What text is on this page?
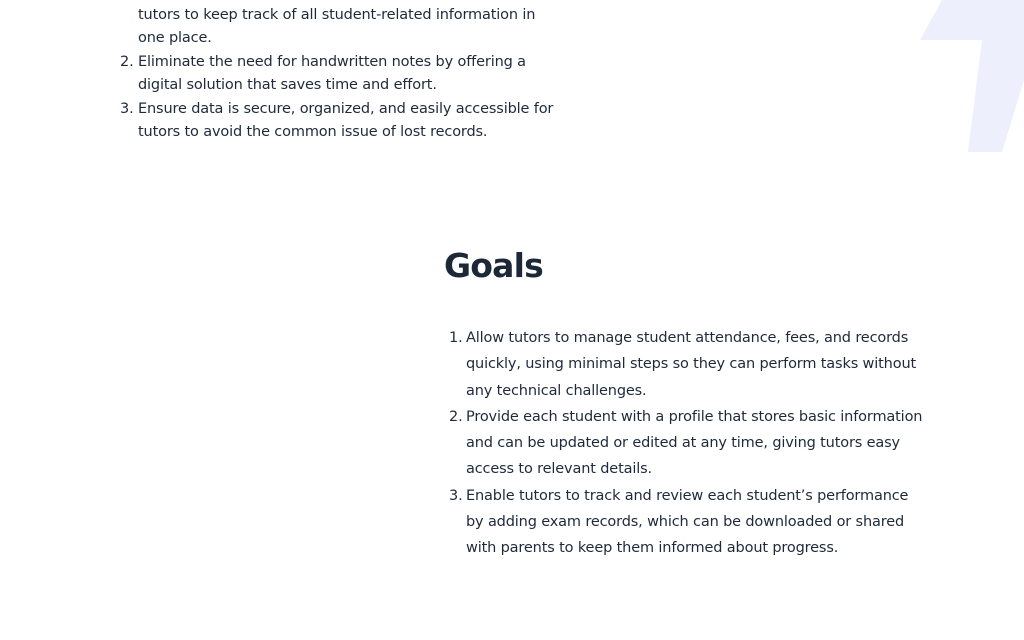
tutors to keep track of all student-related information in one place.
2. Eliminate the need for handwritten notes by offering a digital solution that saves time and effort.
3. Ensure data is secure, organized, and easily accessible for tutors to avoid the common issue of lost records.
Goals
1. Allow tutors to manage student attendance, fees, and records quickly, using minimal steps so they can perform tasks without any technical challenges.
2. Provide each student with a profile that stores basic information and can be updated or edited at any time, giving tutors easy access to relevant details.
3. Enable tutors to track and review each student’s performance by adding exam records, which can be downloaded or shared with parents to keep them informed about progress.
